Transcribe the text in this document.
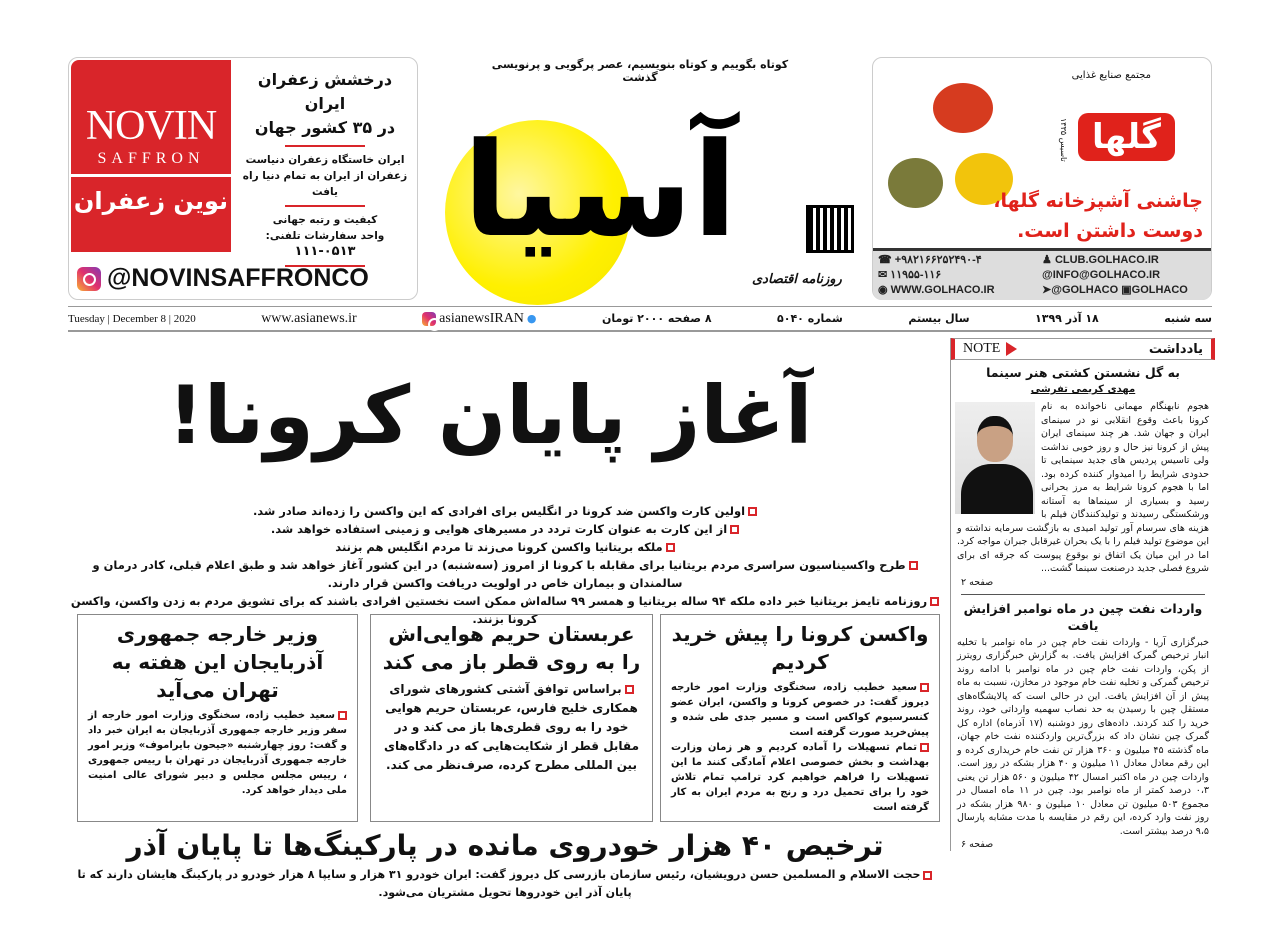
NOVIN
SAFFRON
نوین زعفران
درخشش زعفران ایران
در ۳۵ کشور جهان
ایران خاستگاه زعفران دنیاست
زعفران از ایران به تمام دنیا راه یافت
کیفیت و رتبه جهانی
واحد سفارشات تلفنی: ۰۵۱۳-۱۱۱
@NOVINSAFFRONCO
کوتاه بگوییم و کوتاه بنویسیم، عصر پرگویی و پرنویسی گذشت
آسیا
روزنامه اقتصادی
مجتمع صنایع غذایی
گلها
تاسیس ۱۳۳۵
چاشنی آشپزخانه گلها،
دوست داشتن است.
☎ +۹۸۲۱۶۶۲۵۲۴۹۰-۴	♟ CLUB.GOLHACO.IR
✉ ۱۱۹۵۵-۱۱۶	@INFO@GOLHACO.IR
◉ WWW.GOLHACO.IR	➤@GOLHACO ▣GOLHACO
Tuesday | December 8 | 2020	www.asianews.ir	asianewsIRAN ●	۸ صفحه ۲۰۰۰ تومان	شماره ۵۰۴۰	سال بیستم	۱۸ آذر ۱۳۹۹	سه شنبه
آغاز پایان کرونا!
اولین کارت واکسن ضد کرونا در انگلیس برای افرادی که این واکسن را زده‌اند صادر شد.
از این کارت به عنوان کارت تردد در مسیرهای هوایی و زمینی استفاده خواهد شد.
ملکه بریتانیا واکسن کرونا می‌زند تا مردم انگلیس هم بزنند
طرح واکسیناسیون سراسری مردم بریتانیا برای مقابله با کرونا از امروز (سه‌شنبه) در این کشور آغاز خواهد شد و طبق اعلام قبلی، کادر درمان و سالمندان و بیماران خاص در اولویت دریافت واکسن قرار دارند.
روزنامه تایمز بریتانیا خبر داده ملکه ۹۴ ساله بریتانیا و همسر ۹۹ ساله‌اش ممکن است نخستین افرادی باشند که برای تشویق مردم به زدن واکسن، واکسن کرونا بزنند.
واکسن کرونا را پیش خرید کردیم

سعید خطیب زاده، سخنگوی وزارت امور خارجه دیروز گفت: در خصوص کرونا و واکسن، ایران عضو کنسرسیوم کواکس است و مسیر جدی طی شده و پیش‌خرید صورت گرفته است

تمام تسهیلات را آماده کردیم و هر زمان وزارت بهداشت و بخش خصوصی اعلام آمادگی کنند ما این تسهیلات را فراهم خواهیم کرد ترامپ تمام تلاش خود را برای تحمیل درد و رنج به مردم ایران به کار گرفته است

عربستان حریم هوایی‌اش را به روی قطر باز می کند

براساس توافق آشتی کشورهای شورای همکاری خلیج فارس، عربستان حریم هوایی خود را به روی قطری‌ها باز می کند و در مقابل قطر از شکایت‌هایی که در دادگاه‌های بین المللی مطرح کرده، صرف‌نظر می کند.

وزیر خارجه جمهوری آذربایجان این هفته به تهران می‌آید

سعید خطیب زاده، سخنگوی وزارت امور خارجه از سفر وزیر خارجه جمهوری آذربایجان به ایران خبر داد و گفت: روز چهارشنبه «جیحون بایراموف» وزیر امور خارجه جمهوری آذربایجان در تهران با رییس جمهوری ، رییس مجلس مجلس و دبیر شورای عالی امنیت ملی دیدار خواهد کرد.

ترخیص ۴۰ هزار خودروی مانده در پارکینگ‌ها تا پایان آذر

حجت الاسلام و المسلمین حسن درویشیان، رئیس سازمان بازرسی کل دیروز گفت: ایران خودرو ۳۱ هزار و سایپا ۸ هزار خودرو در پارکینگ هایشان دارند که تا پایان آذر این خودروها تحویل مشتریان می‌شود.

یادداشت
NOTE
به گل نشستن کشتی هنر سینما
مهدی کریمی تفرشی

هجوم نابهنگام مهمانی ناخوانده به نام کرونا باعث وقوع انقلابی نو در سینمای ایران و جهان شد. هر چند سینمای ایران پیش از کرونا نیز حال و روز خوبی نداشت ولی تاسیس پردیس های جدید سینمایی تا حدودی شرایط را امیدوار کننده کرده بود. اما با هجوم کرونا شرایط به مرز بحرانی رسید و بسیاری از سینماها به آستانه ورشکستگی رسیدند و تولیدکنندگان فیلم با هزینه های سرسام آور تولید امیدی به بازگشت سرمایه نداشته و این موضوع تولید فیلم را با یک بحران غیرقابل جبران مواجه کرد. اما در این میان یک اتفاق نو بوقوع پیوست که جرقه ای برای شروع فصلی جدید درصنعت سینما گشت...

صفحه ۲
واردات نفت چین در ماه نوامبر افزایش یافت

خبرگزاری آریا - واردات نفت خام چین در ماه نوامبر با تخلیه انبار ترخیص گمرک افزایش یافت. به گزارش خبرگزاری رویترز از پکن، واردات نفت خام چین در ماه نوامبر با ادامه روند ترخیص گمرکی و تخلیه نفت خام موجود در مخازن، نسبت به ماه پیش از آن افزایش یافت. این در حالی است که پالایشگاه‌های مستقل چین با رسیدن به حد نصاب سهمیه وارداتی خود، روند خرید را کند کردند. داده‌های روز دوشنبه (۱۷ آذرماه) اداره کل گمرک چین نشان داد که بزرگ‌ترین واردکننده نفت خام جهان، ماه گذشته ۴۵ میلیون و ۳۶۰ هزار تن نفت خام خریداری کرده و این رقم معادل معادل ۱۱ میلیون و ۴۰ هزار بشکه در روز است. واردات چین در ماه اکتبر امسال ۴۲ میلیون و ۵۶۰ هزار تن یعنی ۰،۳ درصد کمتر از ماه نوامبر بود. چین در ۱۱ ماه امسال در مجموع ۵۰۳ میلیون تن معادل ۱۰ میلیون و ۹۸۰ هزار بشکه در روز نفت وارد کرده، این رقم در مقایسه با مدت مشابه پارسال ۹،۵ درصد بیشتر است.

صفحه ۶
